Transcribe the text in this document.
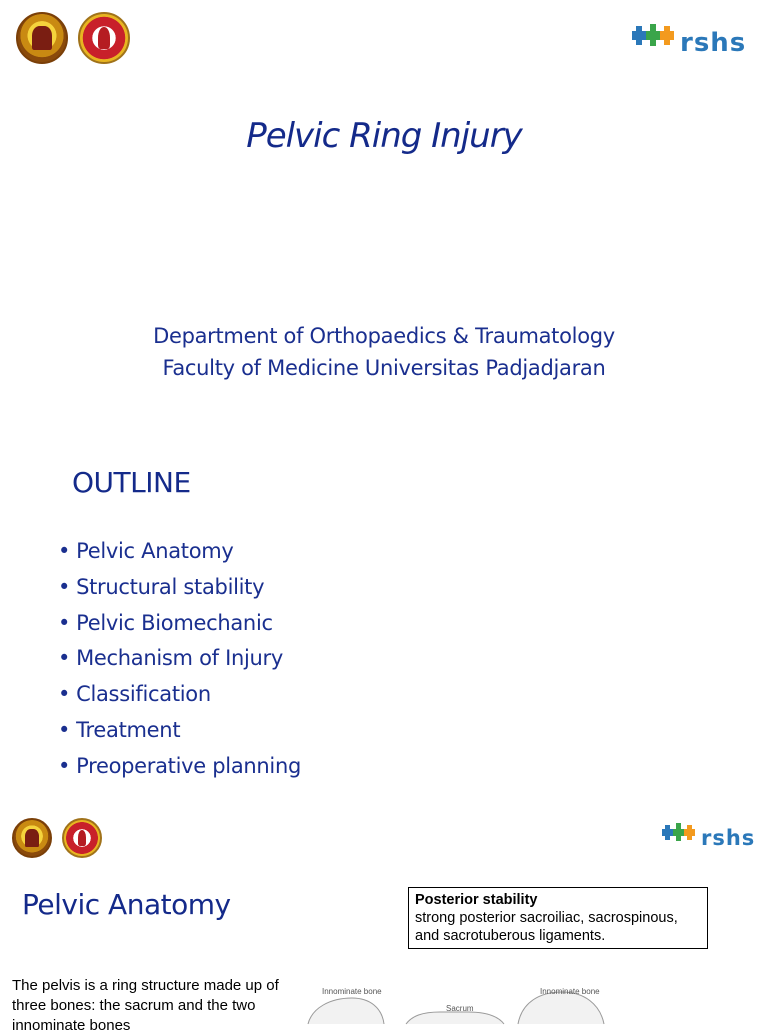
rshs
Pelvic Ring Injury
Department of Orthopaedics & Traumatology
Faculty of Medicine Universitas Padjadjaran
OUTLINE
• Pelvic Anatomy
• Structural stability
• Pelvic Biomechanic
• Mechanism of Injury
• Classification
• Treatment
• Preoperative planning
rshs
Pelvic Anatomy	Posterior stability
strong posterior sacroiliac, sacrospinous, and sacrotuberous ligaments.
The pelvis is a ring structure made up of three bones: the sacrum and the two innominate bones
Innominate bone
Sacrum
Innominate bone
